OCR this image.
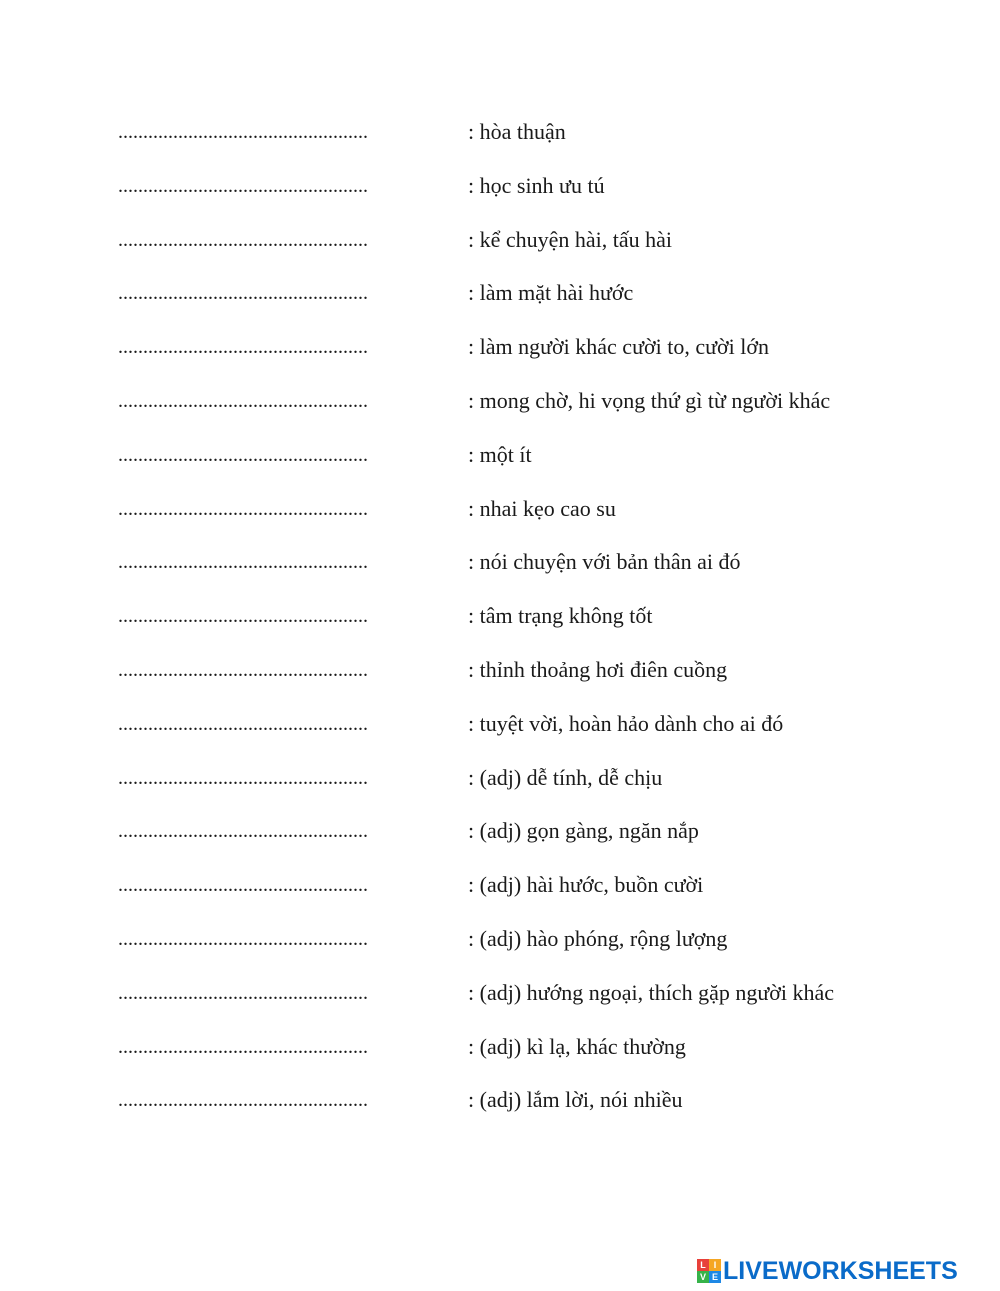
..................................................
: hòa thuận
..................................................
: học sinh ưu tú
..................................................
: kể chuyện hài, tấu hài
..................................................
: làm mặt hài hước
..................................................
: làm người khác cười to, cười lớn
..................................................
: mong chờ, hi vọng thứ gì từ người khác
..................................................
: một ít
..................................................
: nhai kẹo cao su
..................................................
: nói chuyện với bản thân ai đó
..................................................
: tâm trạng không tốt
..................................................
: thỉnh thoảng hơi điên cuồng
..................................................
: tuyệt vời, hoàn hảo dành cho ai đó
..................................................
: (adj) dễ tính, dễ chịu
..................................................
: (adj) gọn gàng, ngăn nắp
..................................................
: (adj) hài hước, buồn cười
..................................................
: (adj) hào phóng, rộng lượng
..................................................
: (adj) hướng ngoại, thích gặp người khác
..................................................
: (adj) kì lạ, khác thường
..................................................
: (adj) lắm lời, nói nhiều
L I
V E LIVEWORKSHEETS
